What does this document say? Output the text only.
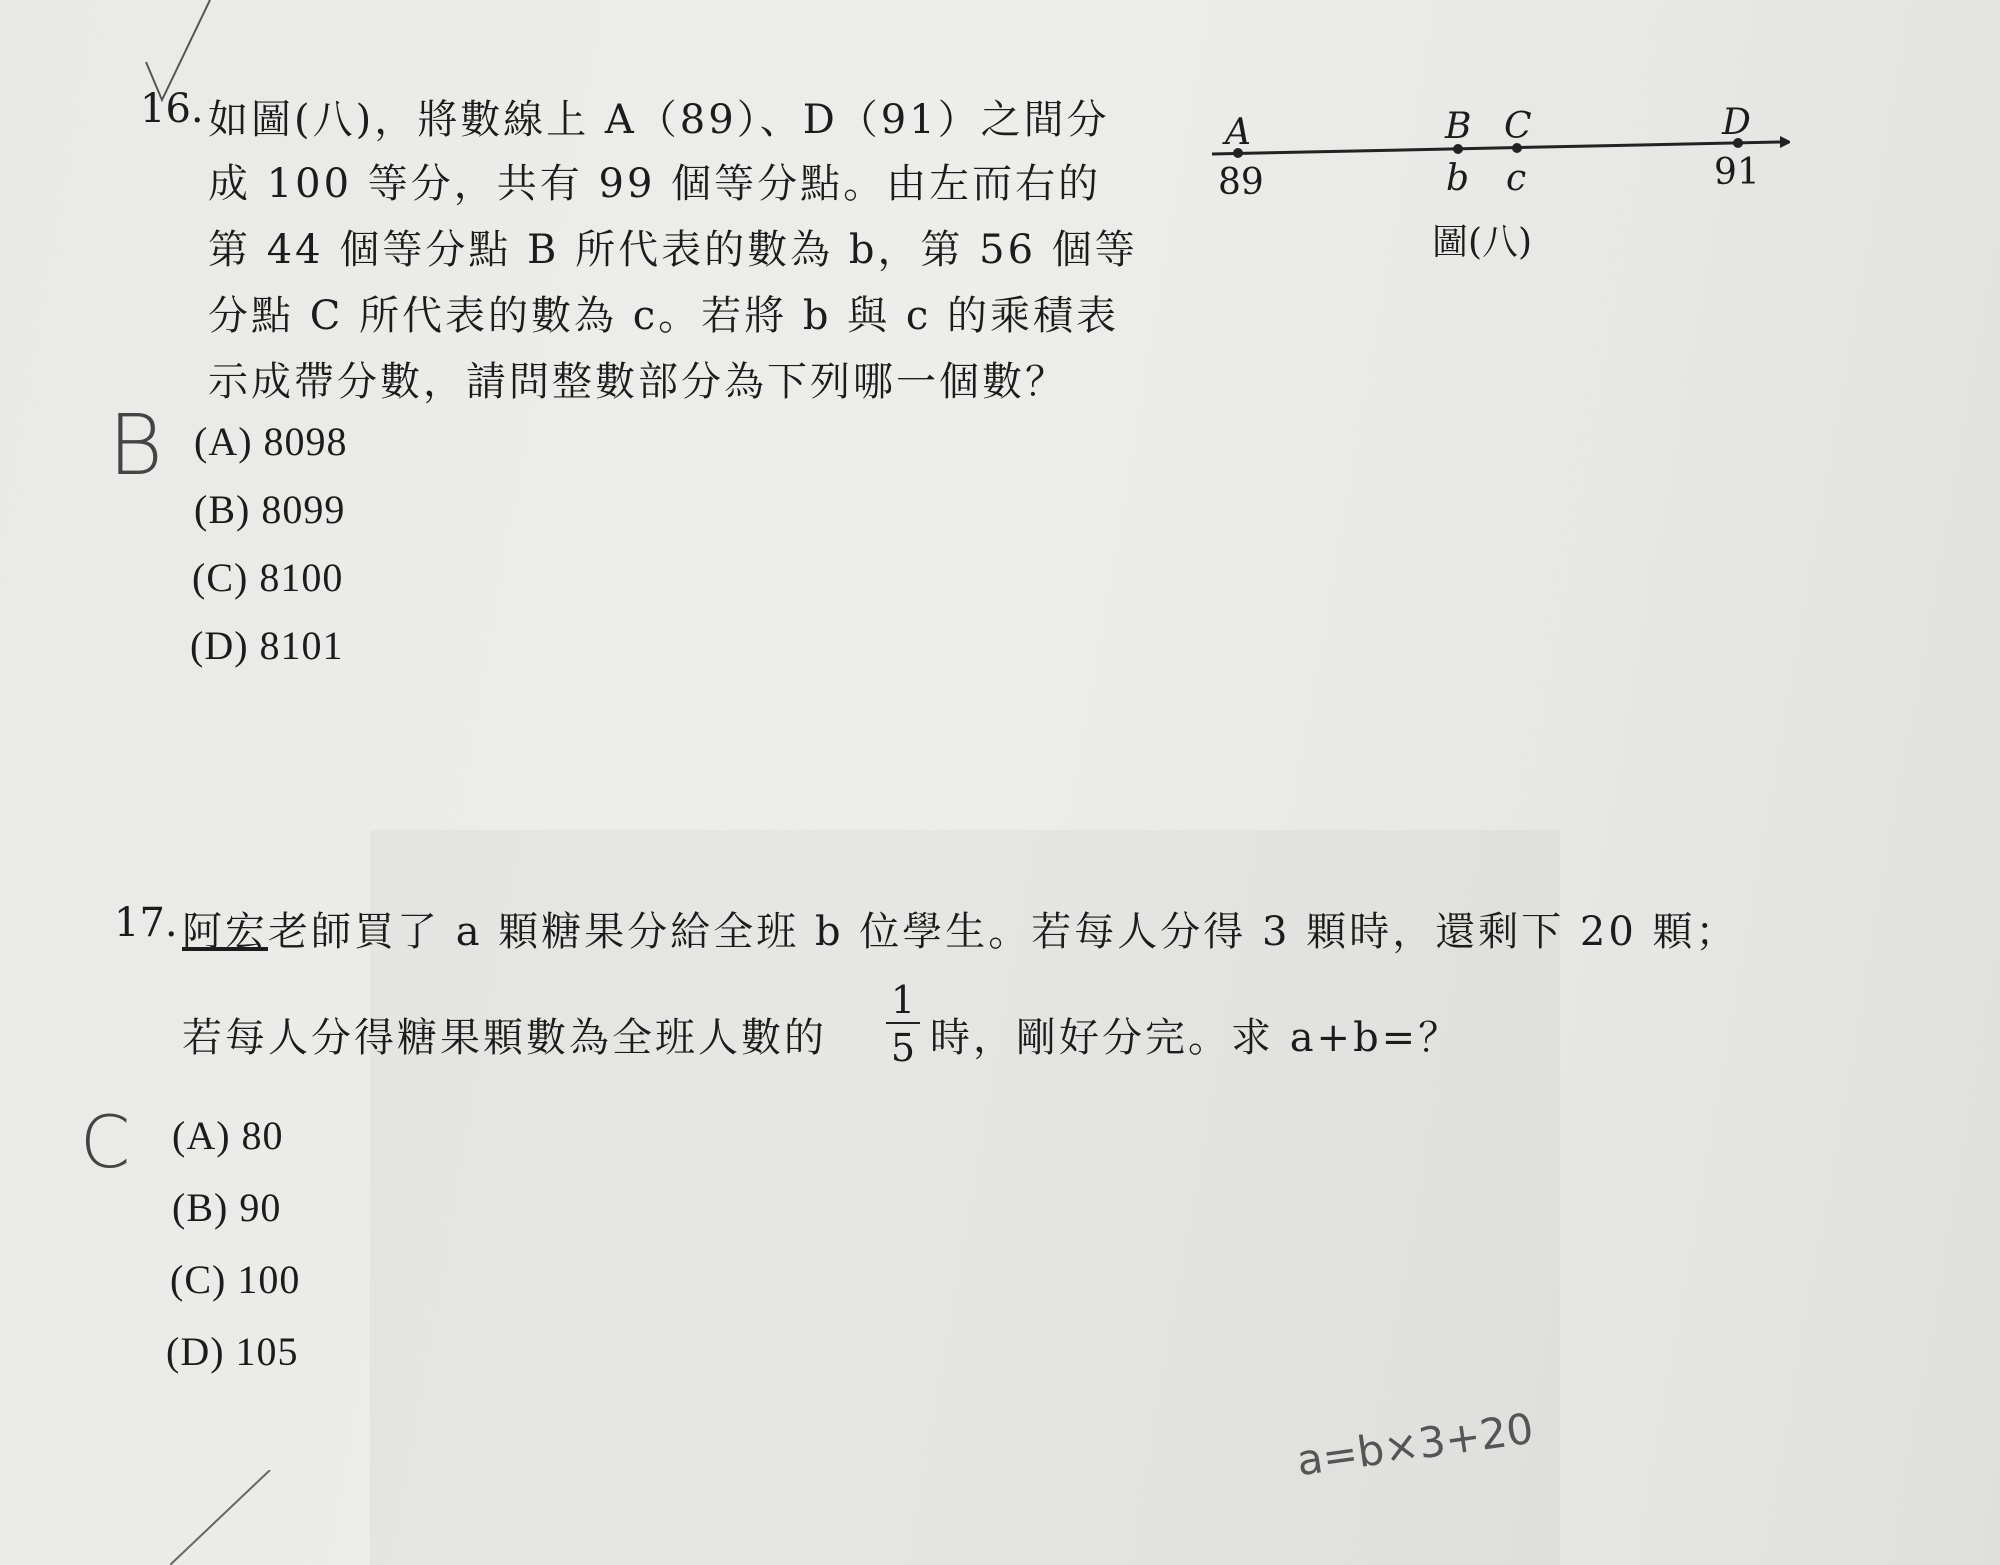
16. 如圖(八)，將數線上 A（89）、D（91）之間分
成 100 等分，共有 99 個等分點。由左而右的
第 44 個等分點 B 所代表的數為 b，第 56 個等
分點 C 所代表的數為 c。若將 b 與 c 的乘積表
示成帶分數，請問整數部分為下列哪一個數？
(A) 8098
(B) 8099
(C) 8100
(D) 8101
B
A	B C	D
89	b c	91
圖(八)
17. 阿宏老師買了 a 顆糖果分給全班 b 位學生。若每人分得 3 顆時，還剩下 20 顆；
若每人分得糖果顆數為全班人數的 $\frac{1}{5}$ 時，剛好分完。求 a+b=？
(A) 80
(B) 90
(C) 100
(D) 105
C
a=b×3+20
